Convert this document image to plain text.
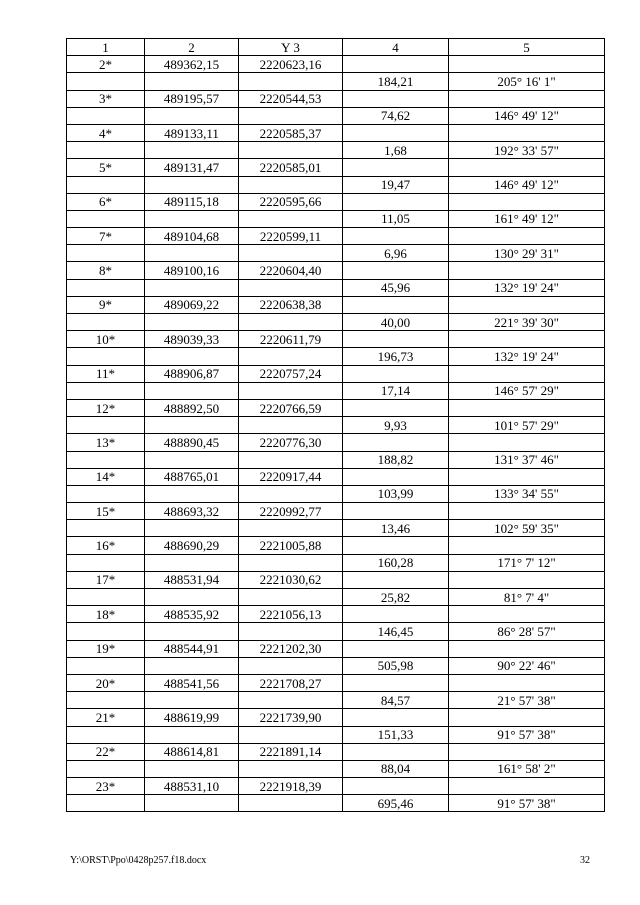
1	2	Y 3	4	5
2*	489362,15	2220623,16		
			184,21	205° 16' 1"
3*	489195,57	2220544,53		
			74,62	146° 49' 12"
4*	489133,11	2220585,37		
			1,68	192° 33' 57"
5*	489131,47	2220585,01		
			19,47	146° 49' 12"
6*	489115,18	2220595,66		
			11,05	161° 49' 12"
7*	489104,68	2220599,11		
			6,96	130° 29' 31"
8*	489100,16	2220604,40		
			45,96	132° 19' 24"
9*	489069,22	2220638,38		
			40,00	221° 39' 30"
10*	489039,33	2220611,79		
			196,73	132° 19' 24"
11*	488906,87	2220757,24		
			17,14	146° 57' 29"
12*	488892,50	2220766,59		
			9,93	101° 57' 29"
13*	488890,45	2220776,30		
			188,82	131° 37' 46"
14*	488765,01	2220917,44		
			103,99	133° 34' 55"
15*	488693,32	2220992,77		
			13,46	102° 59' 35"
16*	488690,29	2221005,88		
			160,28	171° 7' 12"
17*	488531,94	2221030,62		
			25,82	81° 7' 4"
18*	488535,92	2221056,13		
			146,45	86° 28' 57"
19*	488544,91	2221202,30		
			505,98	90° 22' 46"
20*	488541,56	2221708,27		
			84,57	21° 57' 38"
21*	488619,99	2221739,90		
			151,33	91° 57' 38"
22*	488614,81	2221891,14		
			88,04	161° 58' 2"
23*	488531,10	2221918,39		
			695,46	91° 57' 38"
Y:\ORST\Ppo\0428p257.f18.docx	32
